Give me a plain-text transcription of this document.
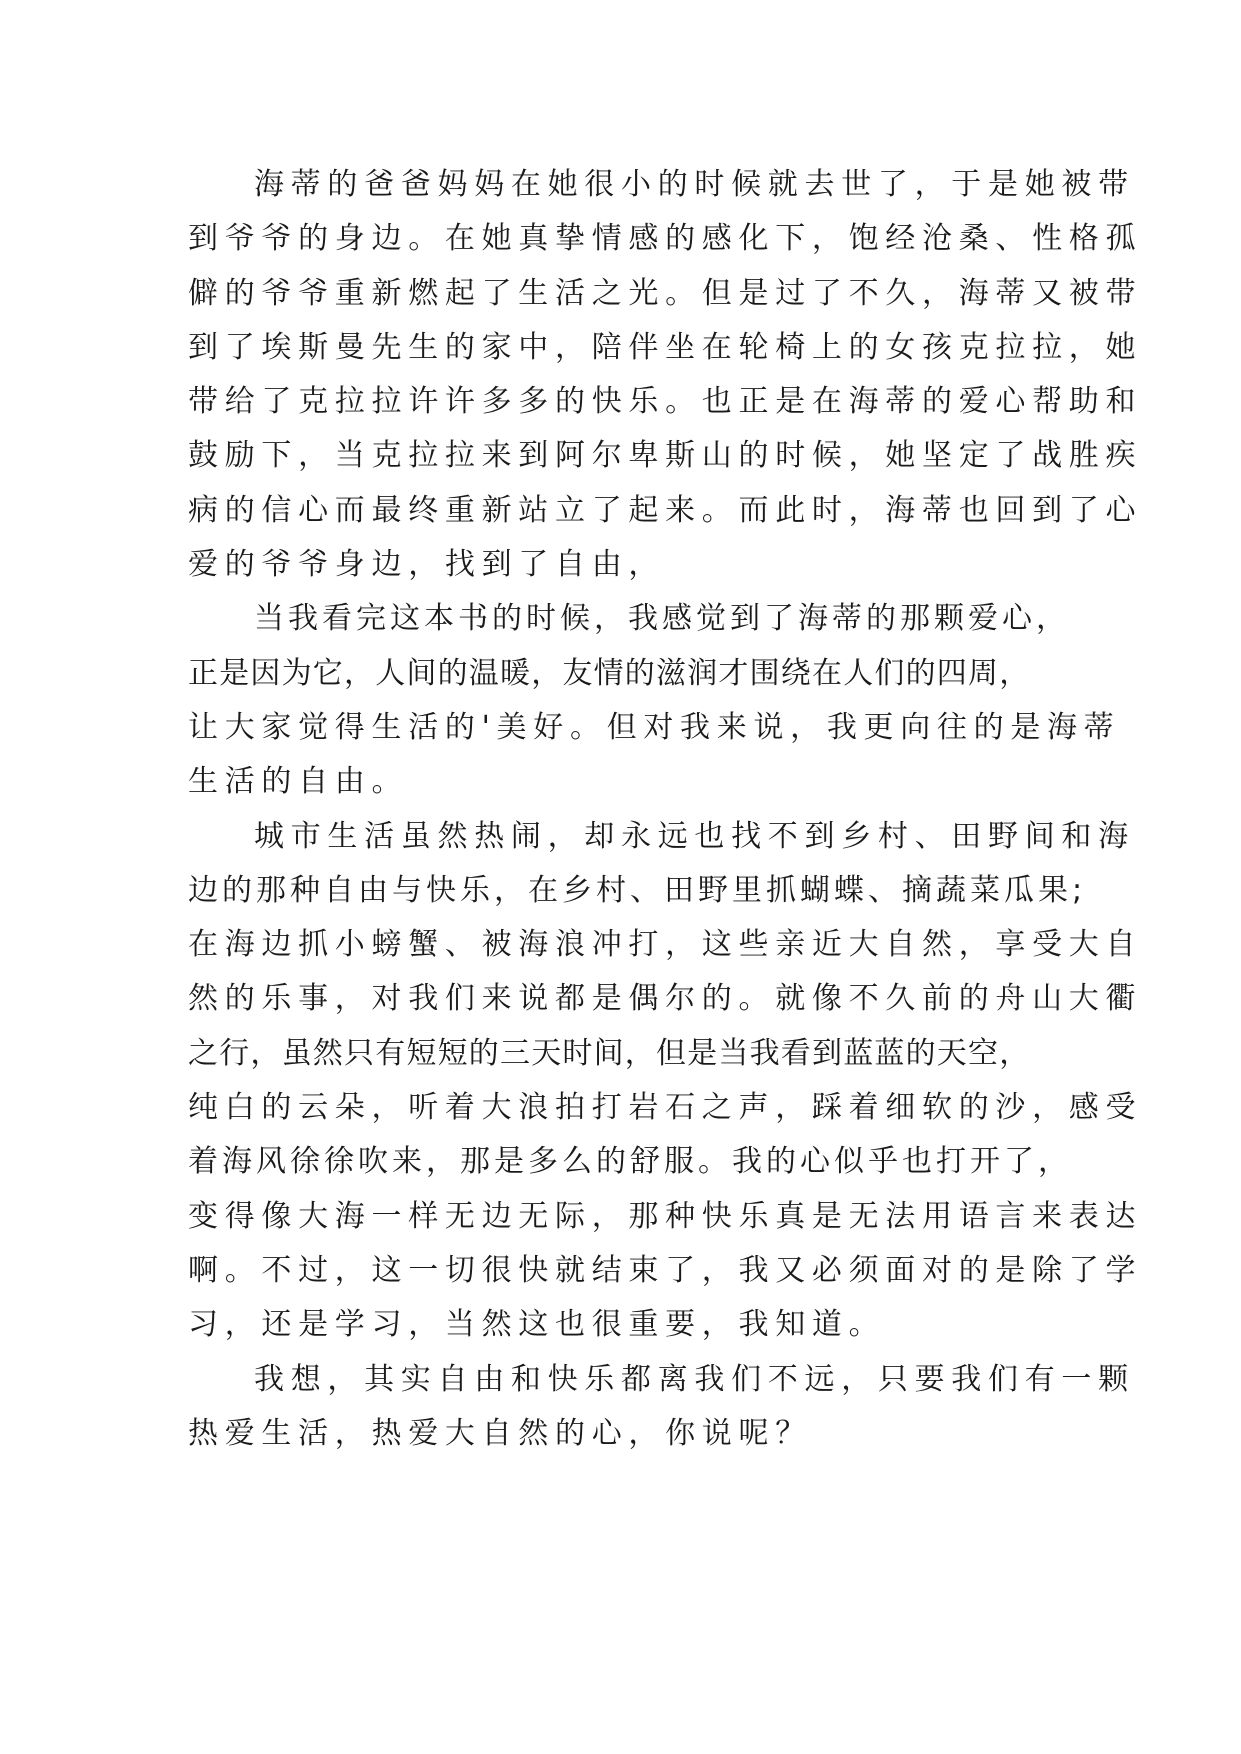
海蒂的爸爸妈妈在她很小的时候就去世了，于是她被带
到爷爷的身边。在她真挚情感的感化下，饱经沧桑、性格孤
僻的爷爷重新燃起了生活之光。但是过了不久，海蒂又被带
到了埃斯曼先生的家中，陪伴坐在轮椅上的女孩克拉拉，她
带给了克拉拉许许多多的快乐。也正是在海蒂的爱心帮助和
鼓励下，当克拉拉来到阿尔卑斯山的时候，她坚定了战胜疾
病的信心而最终重新站立了起来。而此时，海蒂也回到了心
爱的爷爷身边，找到了自由，
当我看完这本书的时候，我感觉到了海蒂的那颗爱心，
正是因为它，人间的温暖，友情的滋润才围绕在人们的四周，
让大家觉得生活的'美好。但对我来说，我更向往的是海蒂
生活的自由。
城市生活虽然热闹，却永远也找不到乡村、田野间和海
边的那种自由与快乐，在乡村、田野里抓蝴蝶、摘蔬菜瓜果;
在海边抓小螃蟹、被海浪冲打，这些亲近大自然，享受大自
然的乐事，对我们来说都是偶尔的。就像不久前的舟山大衢
之行，虽然只有短短的三天时间，但是当我看到蓝蓝的天空，
纯白的云朵，听着大浪拍打岩石之声，踩着细软的沙，感受
着海风徐徐吹来，那是多么的舒服。我的心似乎也打开了，
变得像大海一样无边无际，那种快乐真是无法用语言来表达
啊。不过，这一切很快就结束了，我又必须面对的是除了学
习，还是学习，当然这也很重要，我知道。
我想，其实自由和快乐都离我们不远，只要我们有一颗
热爱生活，热爱大自然的心，你说呢？
